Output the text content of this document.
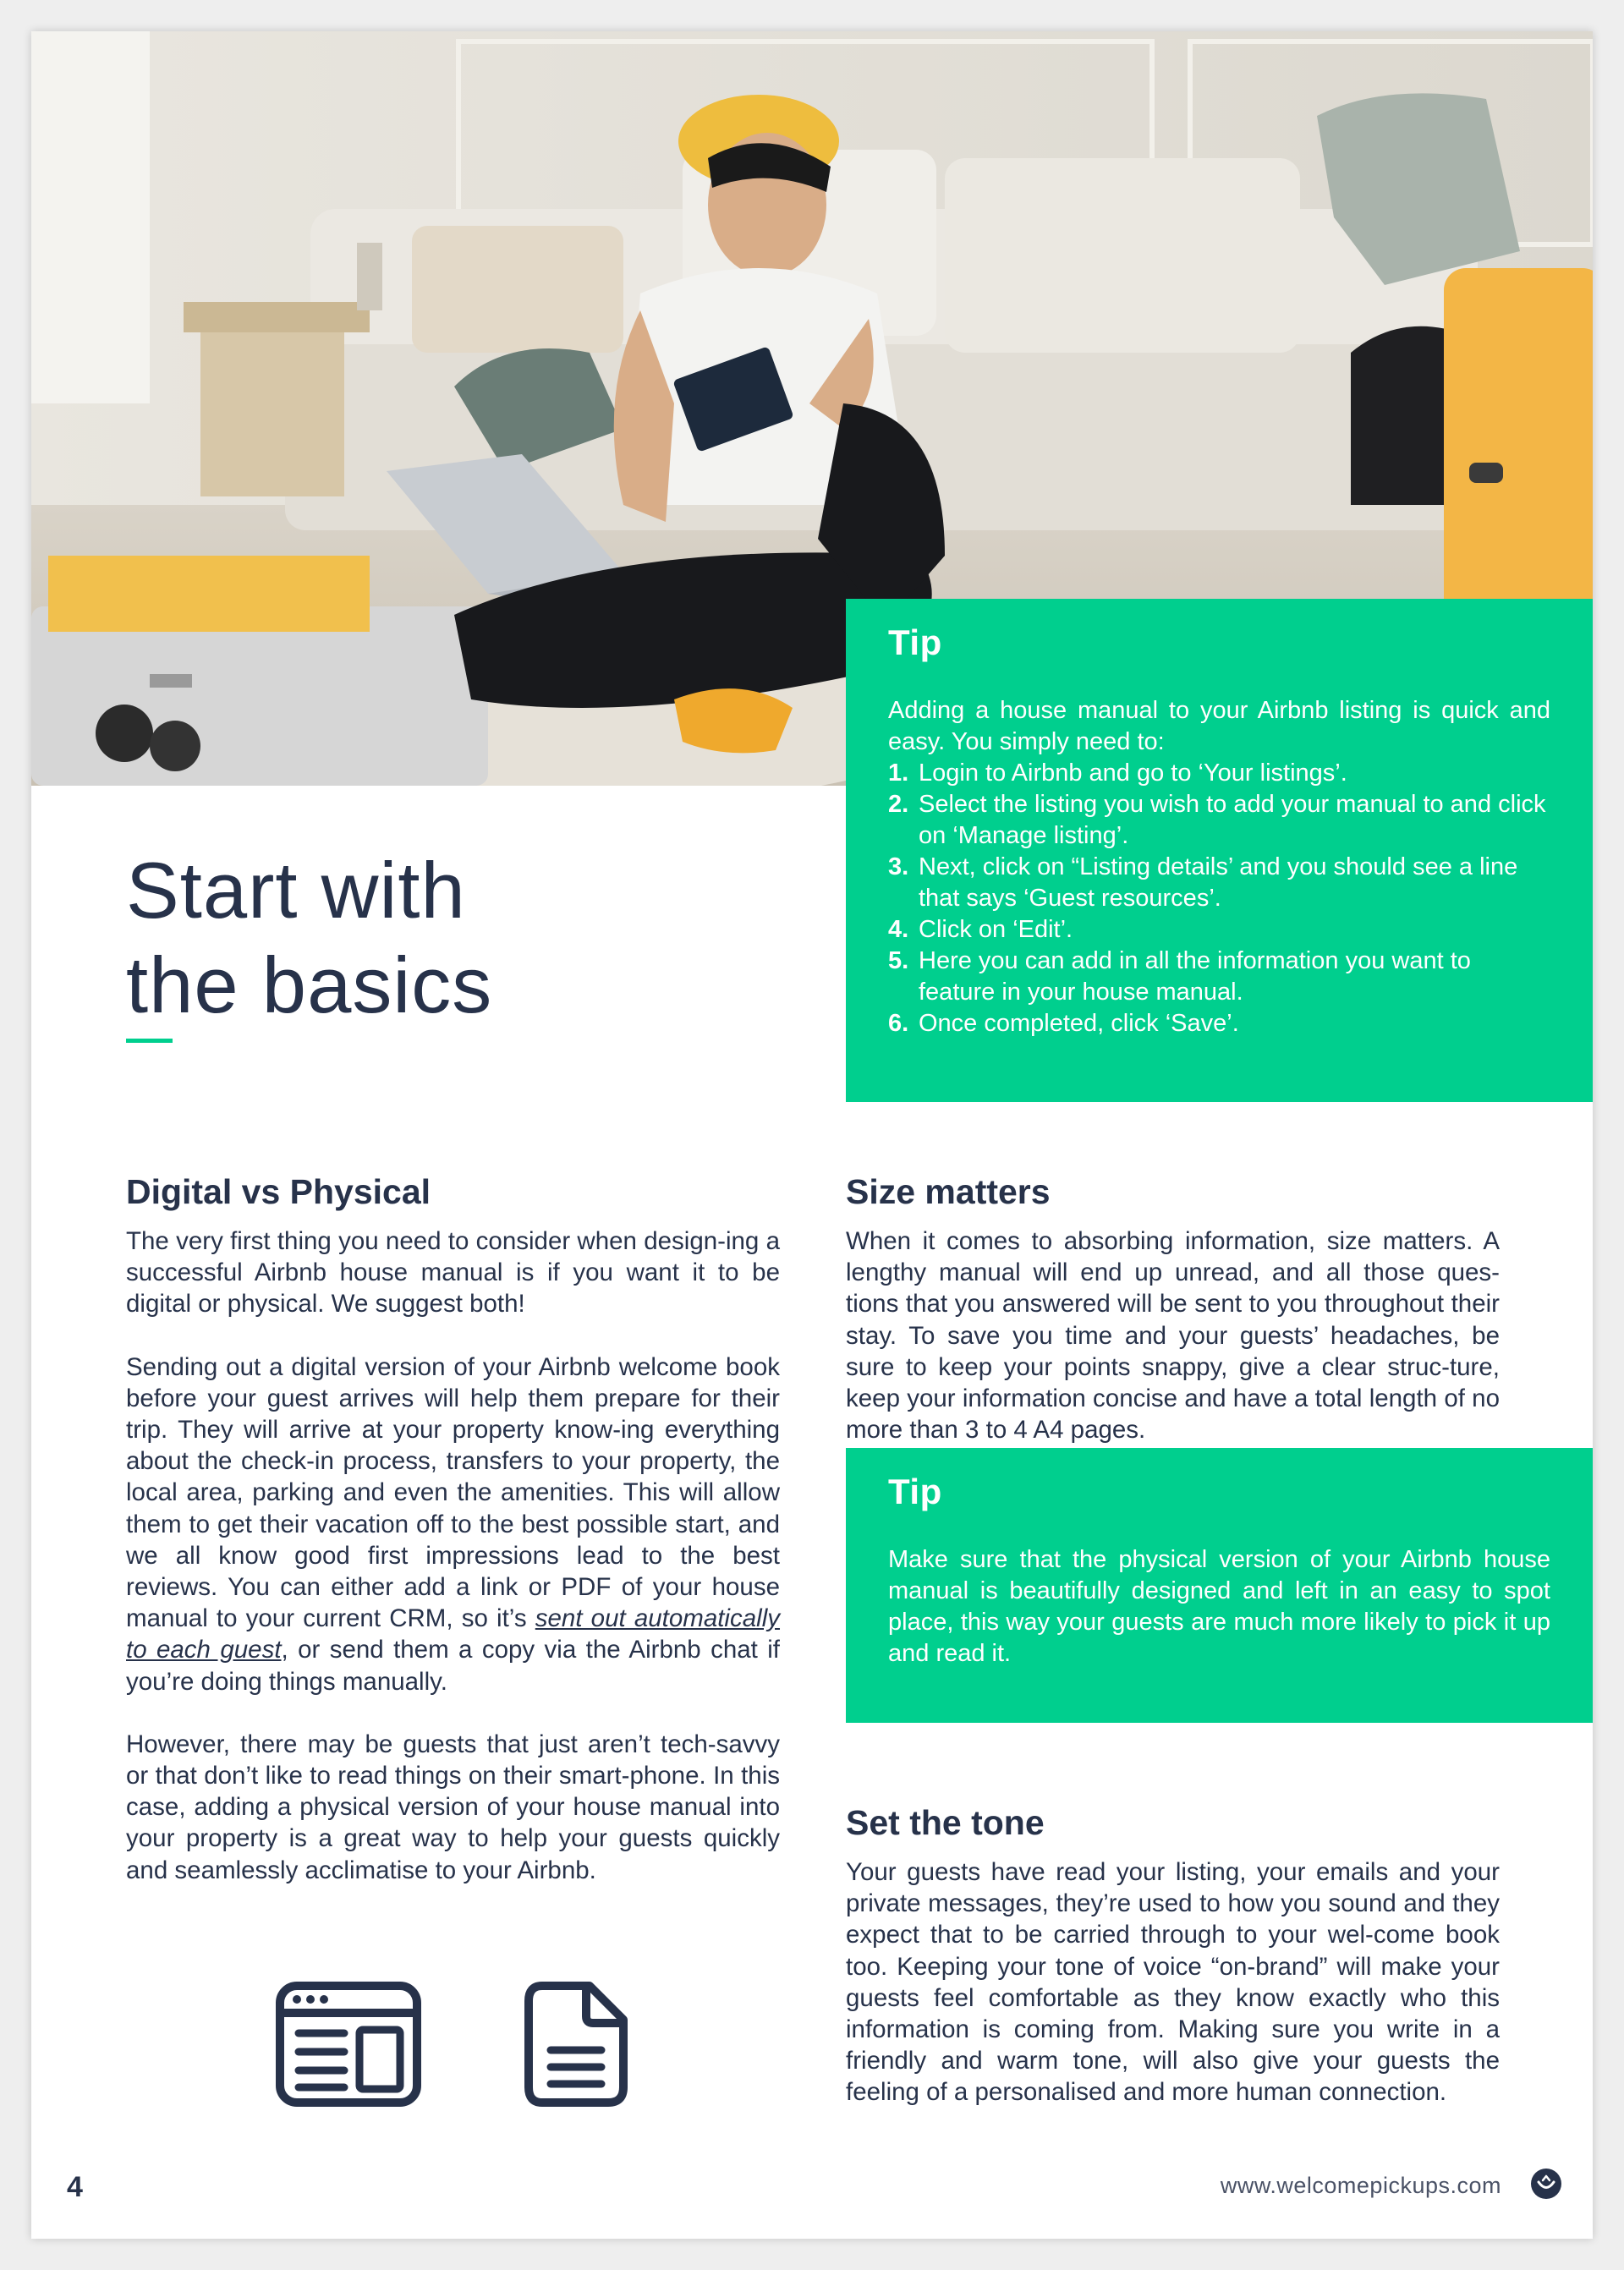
Tip

Adding a house manual to your Airbnb listing is quick and easy. You simply need to:

1. Login to Airbnb and go to ‘Your listings’.
2. Select the listing you wish to add your manual to and click on ‘Manage listing’.
3. Next, click on “Listing details’ and you should see a line that says ‘Guest resources’.
4. Click on ‘Edit’.
5. Here you can add in all the information you want to feature in your house manual.
6. Once completed, click ‘Save’.
Start with
the basics
Digital vs Physical

The very first thing you need to consider when design-ing a successful Airbnb house manual is if you want it to be digital or physical. We suggest both!

Sending out a digital version of your Airbnb welcome book before your guest arrives will help them prepare for their trip. They will arrive at your property know-ing everything about the check-in process, transfers to your property, the local area, parking and even the amenities. This will allow them to get their vacation off to the best possible start, and we all know good first impressions lead to the best reviews. You can either add a link or PDF of your house manual to your current CRM, so it’s sent out automatically to each guest, or send them a copy via the Airbnb chat if you’re doing things manually.

However, there may be guests that just aren’t tech-savvy or that don’t like to read things on their smart-phone. In this case, adding a physical version of your house manual into your property is a great way to help your guests quickly and seamlessly acclimatise to your Airbnb.

Size matters

When it comes to absorbing information, size matters. A lengthy manual will end up unread, and all those ques-tions that you answered will be sent to you throughout their stay. To save you time and your guests’ headaches, be sure to keep your points snappy, give a clear struc-ture, keep your information concise and have a total length of no more than 3 to 4 A4 pages.

Tip

Make sure that the physical version of your Airbnb house manual is beautifully designed and left in an easy to spot place, this way your guests are much more likely to pick it up and read it.

Set the tone

Your guests have read your listing, your emails and your private messages, they’re used to how you sound and they expect that to be carried through to your wel-come book too. Keeping your tone of voice “on-brand” will make your guests feel comfortable as they know exactly who this information is coming from. Making sure you write in a friendly and warm tone, will also give your guests the feeling of a personalised and more human connection.

4	www.welcomepickups.com
